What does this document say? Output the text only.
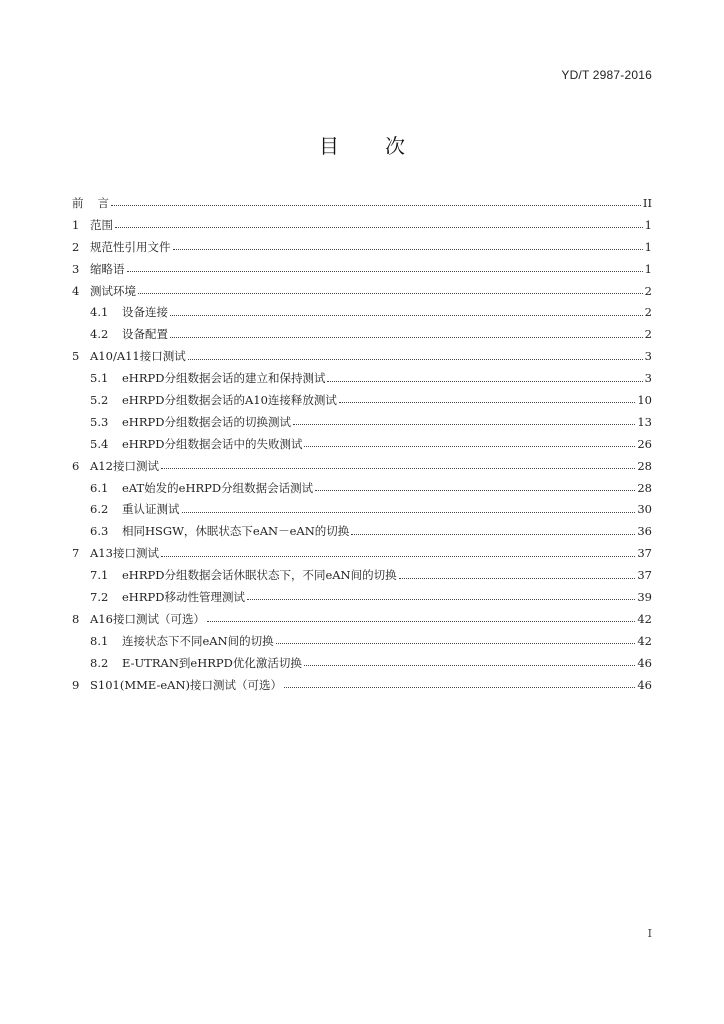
YD/T 2987-2016
目 次
前 言	II
1 范围	1
2 规范性引用文件	1
3 缩略语	1
4 测试环境	2
4.1	设备连接	2
4.2	设备配置	2
5 A10/A11接口测试	3
5.1	eHRPD分组数据会话的建立和保持测试	3
5.2	eHRPD分组数据会话的A10连接释放测试	10
5.3	eHRPD分组数据会话的切换测试	13
5.4	eHRPD分组数据会话中的失败测试	26
6 A12接口测试	28
6.1	eAT始发的eHRPD分组数据会话测试	28
6.2	重认证测试	30
6.3	相同HSGW，休眠状态下eAN－eAN的切换	36
7 A13接口测试	37
7.1	eHRPD分组数据会话休眠状态下，不同eAN间的切换	37
7.2	eHRPD移动性管理测试	39
8 A16接口测试（可选）	42
8.1	连接状态下不同eAN间的切换	42
8.2	E-UTRAN到eHRPD优化激活切换	46
9 S101(MME-eAN)接口测试（可选）	46
I
